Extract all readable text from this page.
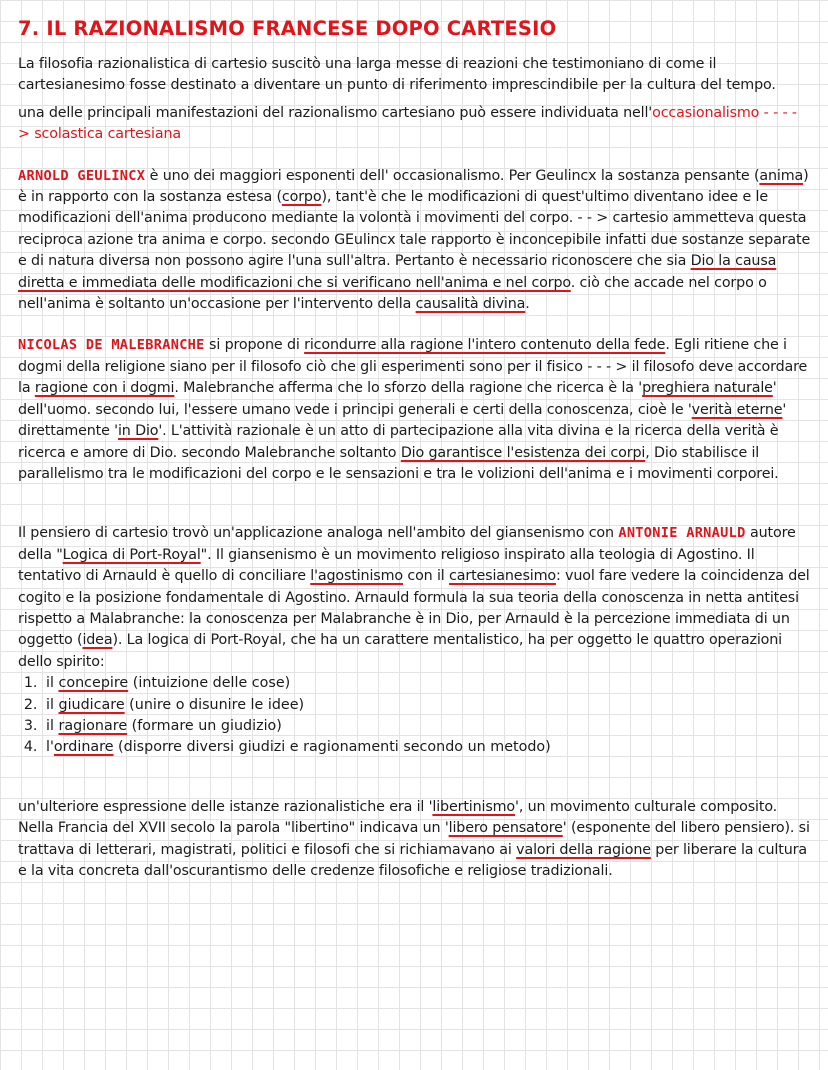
7. IL RAZIONALISMO FRANCESE DOPO CARTESIO

La filosofia razionalistica di cartesio suscitò una larga messe di reazioni che testimoniano di come il cartesianesimo fosse destinato a diventare un punto di riferimento imprescindibile per la cultura del tempo.

una delle principali manifestazioni del razionalismo cartesiano può essere individuata nell'occasionalismo - - - - > scolastica cartesiana

ARNOLD GEULINCX è uno dei maggiori esponenti dell' occasionalismo. Per Geulincx la sostanza pensante (anima) è in rapporto con la sostanza estesa (corpo), tant'è che le modificazioni di quest'ultimo diventano idee e le modificazioni dell'anima producono mediante la volontà i movimenti del corpo. - - > cartesio ammetteva questa reciproca azione tra anima e corpo. secondo GEulincx tale rapporto è inconcepibile infatti due sostanze separate e di natura diversa non possono agire l'una sull'altra. Pertanto è necessario riconoscere che sia Dio la causa diretta e immediata delle modificazioni che si verificano nell'anima e nel corpo. ciò che accade nel corpo o nell'anima è soltanto un'occasione per l'intervento della causalità divina.

NICOLAS DE MALEBRANCHE si propone di ricondurre alla ragione l'intero contenuto della fede. Egli ritiene che i dogmi della religione siano per il filosofo ciò che gli esperimenti sono per il fisico - - - > il filosofo deve accordare la ragione con i dogmi. Malebranche afferma che lo sforzo della ragione che ricerca è la 'preghiera naturale' dell'uomo. secondo lui, l'essere umano vede i principi generali e certi della conoscenza, cioè le 'verità eterne' direttamente 'in Dio'. L'attività razionale è un atto di partecipazione alla vita divina e la ricerca della verità è ricerca e amore di Dio. secondo Malebranche soltanto Dio garantisce l'esistenza dei corpi, Dio stabilisce il parallelismo tra le modificazioni del corpo e le sensazioni e tra le volizioni dell'anima e i movimenti corporei.

Il pensiero di cartesio trovò un'applicazione analoga nell'ambito del giansenismo con ANTONIE ARNAULD autore della "Logica di Port-Royal". Il giansenismo è un movimento religioso inspirato alla teologia di Agostino. Il tentativo di Arnauld è quello di conciliare l'agostinismo con il cartesianesimo: vuol fare vedere la coincidenza del cogito e la posizione fondamentale di Agostino. Arnauld formula la sua teoria della conoscenza in netta antitesi rispetto a Malabranche: la conoscenza per Malabranche è in Dio, per Arnauld è la percezione immediata di un oggetto (idea). La logica di Port-Royal, che ha un carattere mentalistico, ha per oggetto le quattro operazioni dello spirito:

1. il concepire (intuizione delle cose)
2. il giudicare (unire o disunire le idee)
3. il ragionare (formare un giudizio)
4. l'ordinare (disporre diversi giudizi e ragionamenti secondo un metodo)

un'ulteriore espressione delle istanze razionalistiche era il 'libertinismo', un movimento culturale composito. Nella Francia del XVII secolo la parola "libertino" indicava un 'libero pensatore' (esponente del libero pensiero). si trattava di letterari, magistrati, politici e filosofi che si richiamavano ai valori della ragione per liberare la cultura e la vita concreta dall'oscurantismo delle credenze filosofiche e religiose tradizionali.
